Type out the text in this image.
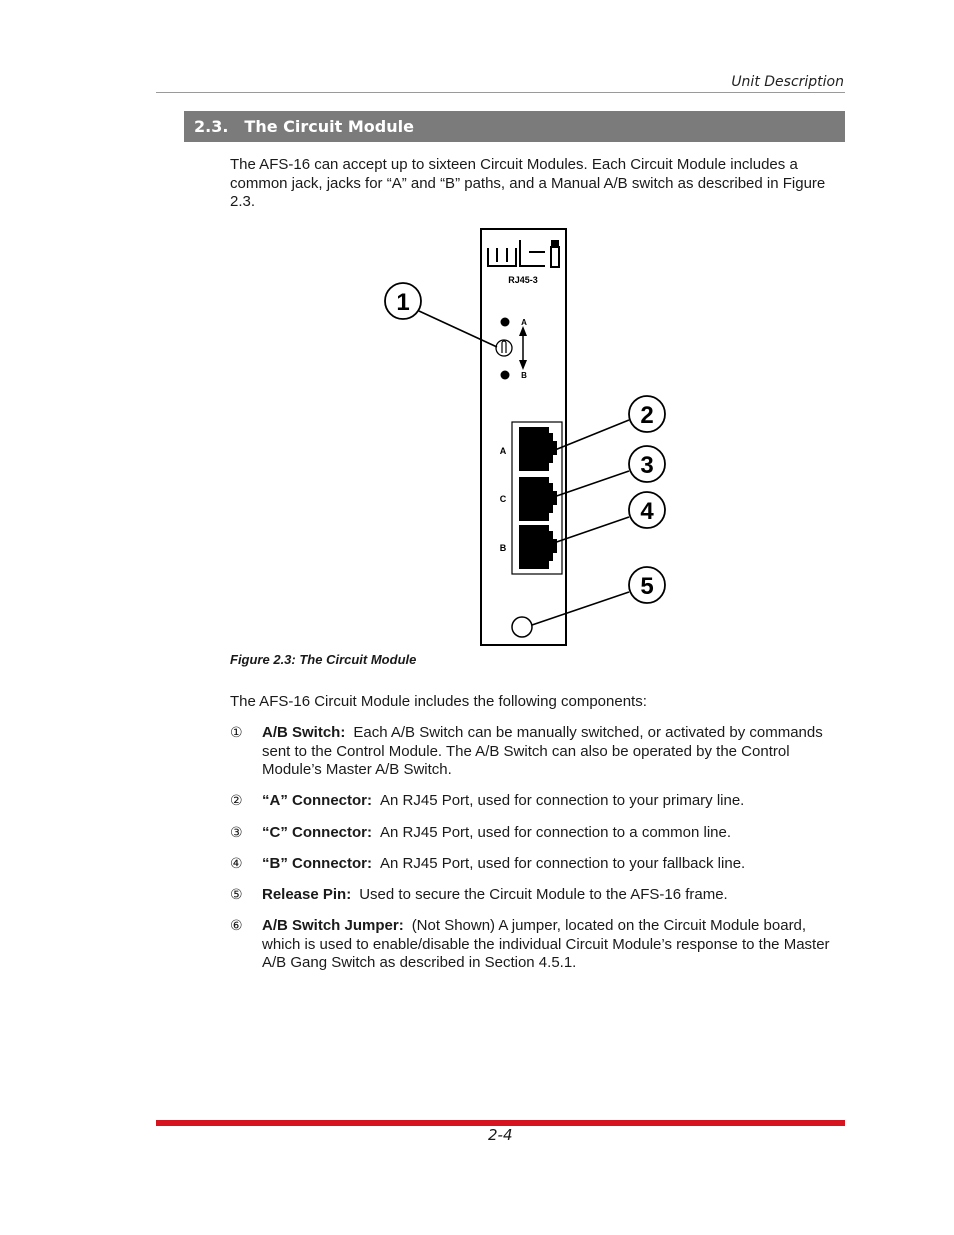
Unit Description
2.3. The Circuit Module
The AFS-16 can accept up to sixteen Circuit Modules. Each Circuit Module includes a common jack, jacks for “A” and “B” paths, and a Manual A/B switch as described in Figure 2.3.
RJ45-3
A
B
A
C
B
1
2
3
4
5
Figure 2.3: The Circuit Module
The AFS-16 Circuit Module includes the following components:
①	A/B Switch: Each A/B Switch can be manually switched, or activated by commands sent to the Control Module. The A/B Switch can also be operated by the Control Module’s Master A/B Switch.
②	“A” Connector: An RJ45 Port, used for connection to your primary line.
③	“C” Connector: An RJ45 Port, used for connection to a common line.
④	“B” Connector: An RJ45 Port, used for connection to your fallback line.
⑤	Release Pin: Used to secure the Circuit Module to the AFS-16 frame.
⑥	A/B Switch Jumper: (Not Shown) A jumper, located on the Circuit Module board, which is used to enable/disable the individual Circuit Module’s response to the Master A/B Gang Switch as described in Section 4.5.1.
2-4
